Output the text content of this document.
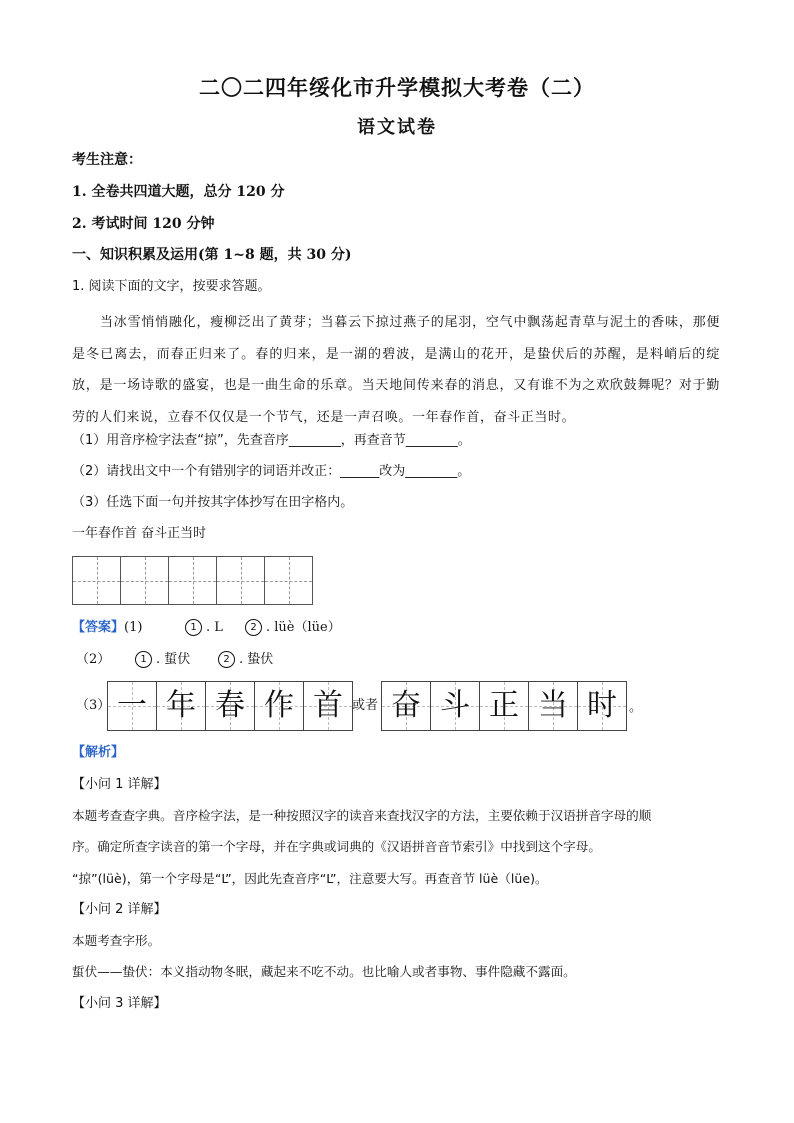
二〇二四年绥化市升学模拟大考卷（二）
语文试卷
考生注意：
1. 全卷共四道大题，总分 120 分
2. 考试时间 120 分钟
一、知识积累及运用(第 1~8 题，共 30 分)
1. 阅读下面的文字，按要求答题。
当冰雪悄悄融化，瘦柳泛出了黄芽；当暮云下掠过燕子的尾羽，空气中飘荡起青草与泥土的香味，那便是冬已离去，而春正归来了。春的归来，是一湖的碧波，是满山的花开，是蛰伏后的苏醒，是料峭后的绽放，是一场诗歌的盛宴，也是一曲生命的乐章。当天地间传来春的消息，又有谁不为之欢欣鼓舞呢？对于勤劳的人们来说，立春不仅仅是一个节气，还是一声召唤。一年春作首，奋斗正当时。
（1）用音序检字法查“掠”，先查音序________，再查音节________。
（2）请找出文中一个有错别字的词语并改正：______改为________。
（3）任选下面一句并按其字体抄写在田字格内。
一年春作首 奋斗正当时
【答案】(1)	1 . L	2 . lüè（lüe）
（2）	1 . 蜇伏	2 . 蛰伏
（3） 一 年 春 作 首 或者 奋 斗 正 当 时 。
【解析】
【小问 1 详解】
本题考查查字典。音序检字法，是一种按照汉字的读音来查找汉字的方法，主要依赖于汉语拼音字母的顺
序。确定所查字读音的第一个字母，并在字典或词典的《汉语拼音音节索引》中找到这个字母。
“掠”(lüè)，第一个字母是“L”，因此先查音序“L”，注意要大写。再查音节 lüè（lüe)。
【小问 2 详解】
本题考查字形。
蜇伏——蛰伏：本义指动物冬眠，藏起来不吃不动。也比喻人或者事物、事件隐藏不露面。
【小问 3 详解】
